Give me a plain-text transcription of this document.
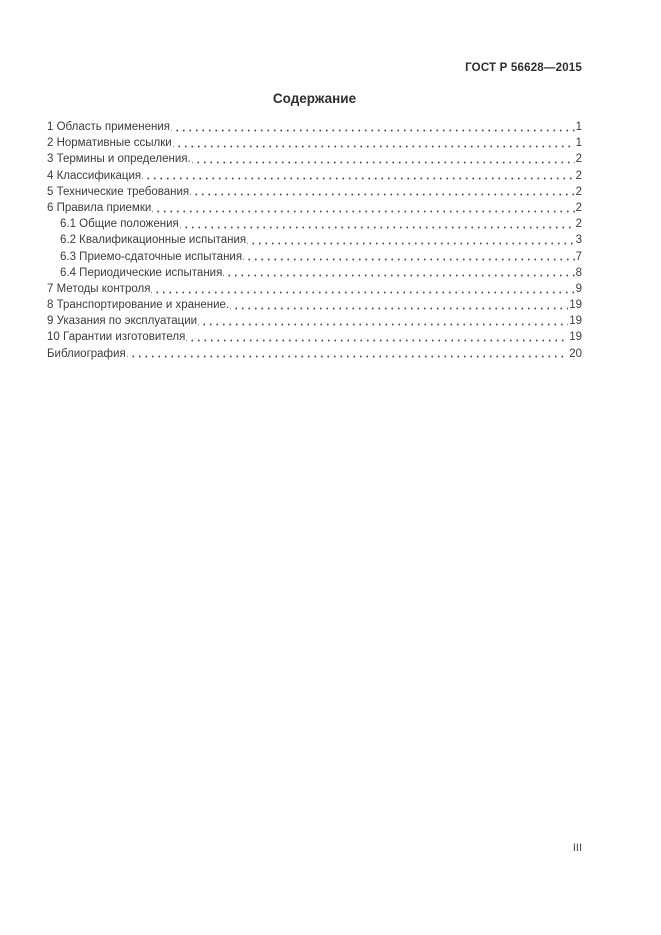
ГОСТ Р 56628—2015
Содержание
1 Область применения	1
2 Нормативные ссылки	1
3 Термины и определения.	2
4 Классификация	2
5 Технические требования	2
6 Правила приемки	2
6.1 Общие положения	2
6.2 Квалификационные испытания	3
6.3 Приемо-сдаточные испытания	7
6.4 Периодические испытания	8
7 Методы контроля	9
8 Транспортирование и хранение.	19
9 Указания по эксплуатации	19
10 Гарантии изготовителя	19
Библиография	20
III
